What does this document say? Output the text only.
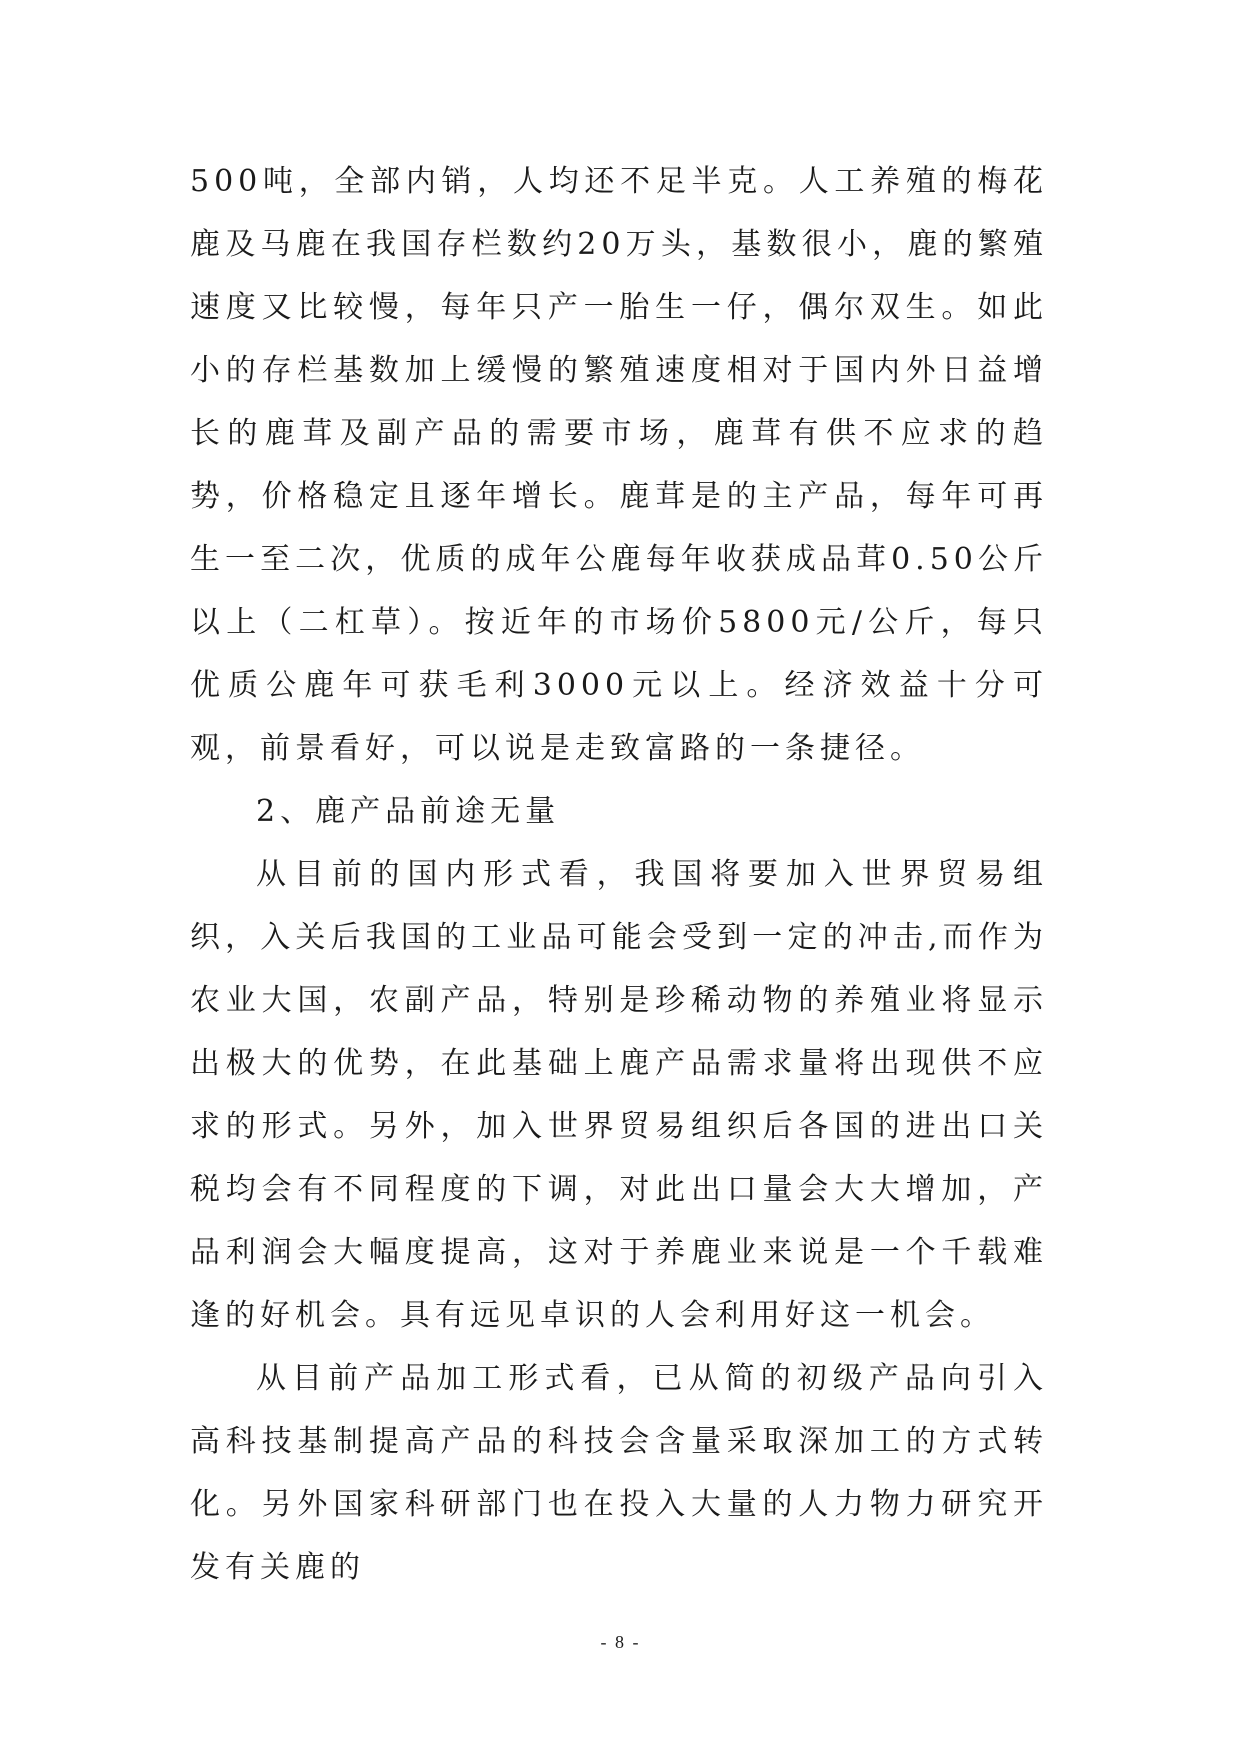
500吨，全部内销，人均还不足半克。人工养殖的梅花鹿及马鹿在我国存栏数约20万头，基数很小，鹿的繁殖速度又比较慢，每年只产一胎生一仔，偶尔双生。如此小的存栏基数加上缓慢的繁殖速度相对于国内外日益增长的鹿茸及副产品的需要市场，鹿茸有供不应求的趋势，价格稳定且逐年增长。鹿茸是的主产品，每年可再生一至二次，优质的成年公鹿每年收获成品茸0.50公斤以上（二杠草）。按近年的市场价5800元/公斤，每只优质公鹿年可获毛利3000元以上。经济效益十分可观，前景看好，可以说是走致富路的一条捷径。

2、鹿产品前途无量

从目前的国内形式看，我国将要加入世界贸易组织，入关后我国的工业品可能会受到一定的冲击,而作为农业大国，农副产品，特别是珍稀动物的养殖业将显示出极大的优势，在此基础上鹿产品需求量将出现供不应求的形式。另外，加入世界贸易组织后各国的进出口关税均会有不同程度的下调，对此出口量会大大增加，产品利润会大幅度提高，这对于养鹿业来说是一个千载难逢的好机会。具有远见卓识的人会利用好这一机会。

从目前产品加工形式看，已从简的初级产品向引入高科技基制提高产品的科技会含量采取深加工的方式转化。另外国家科研部门也在投入大量的人力物力研究开发有关鹿的

- 8 -
